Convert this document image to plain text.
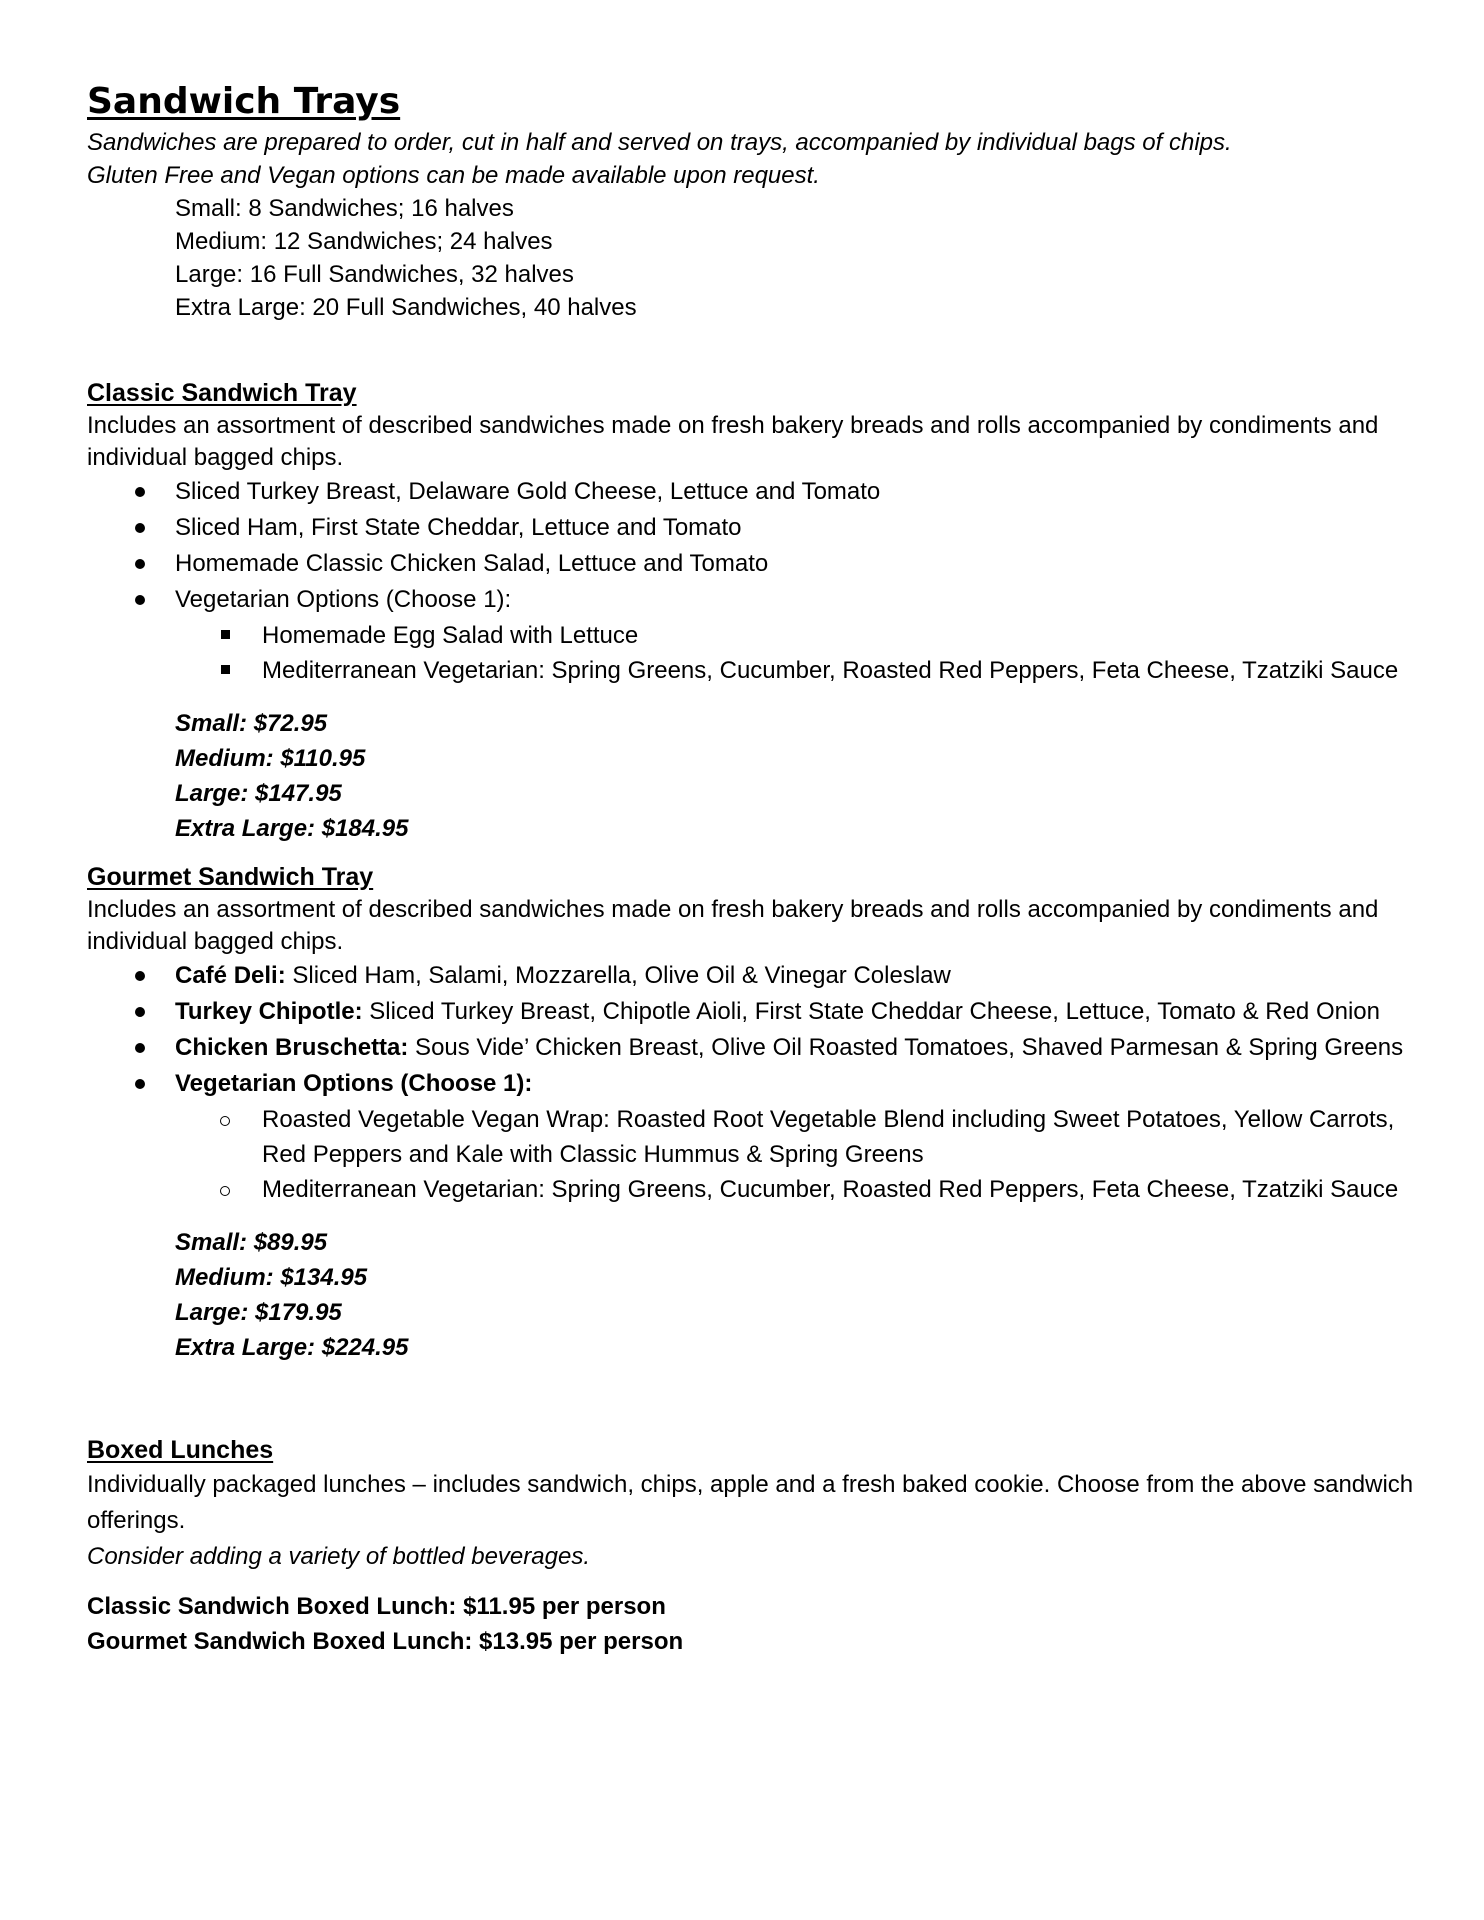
Sandwich Trays
Sandwiches are prepared to order, cut in half and served on trays, accompanied by individual bags of chips.
Gluten Free and Vegan options can be made available upon request.
Small: 8 Sandwiches; 16 halves
Medium: 12 Sandwiches; 24 halves
Large: 16 Full Sandwiches, 32 halves
Extra Large: 20 Full Sandwiches, 40 halves
Classic Sandwich Tray
Includes an assortment of described sandwiches made on fresh bakery breads and rolls accompanied by condiments and individual bagged chips.
Sliced Turkey Breast, Delaware Gold Cheese, Lettuce and Tomato
Sliced Ham, First State Cheddar, Lettuce and Tomato
Homemade Classic Chicken Salad, Lettuce and Tomato
Vegetarian Options (Choose 1):
Homemade Egg Salad with Lettuce
Mediterranean Vegetarian: Spring Greens, Cucumber, Roasted Red Peppers, Feta Cheese, Tzatziki Sauce
Small: $72.95
Medium: $110.95
Large: $147.95
Extra Large: $184.95
Gourmet Sandwich Tray
Includes an assortment of described sandwiches made on fresh bakery breads and rolls accompanied by condiments and individual bagged chips.
Café Deli: Sliced Ham, Salami, Mozzarella, Olive Oil & Vinegar Coleslaw
Turkey Chipotle: Sliced Turkey Breast, Chipotle Aioli, First State Cheddar Cheese, Lettuce, Tomato & Red Onion
Chicken Bruschetta: Sous Vide’ Chicken Breast, Olive Oil Roasted Tomatoes, Shaved Parmesan & Spring Greens
Vegetarian Options (Choose 1):
Roasted Vegetable Vegan Wrap: Roasted Root Vegetable Blend including Sweet Potatoes, Yellow Carrots, Red Peppers and Kale with Classic Hummus & Spring Greens
Mediterranean Vegetarian: Spring Greens, Cucumber, Roasted Red Peppers, Feta Cheese, Tzatziki Sauce
Small: $89.95
Medium: $134.95
Large: $179.95
Extra Large: $224.95
Boxed Lunches
Individually packaged lunches – includes sandwich, chips, apple and a fresh baked cookie. Choose from the above sandwich offerings.
Consider adding a variety of bottled beverages.
Classic Sandwich Boxed Lunch: $11.95 per person
Gourmet Sandwich Boxed Lunch: $13.95 per person
